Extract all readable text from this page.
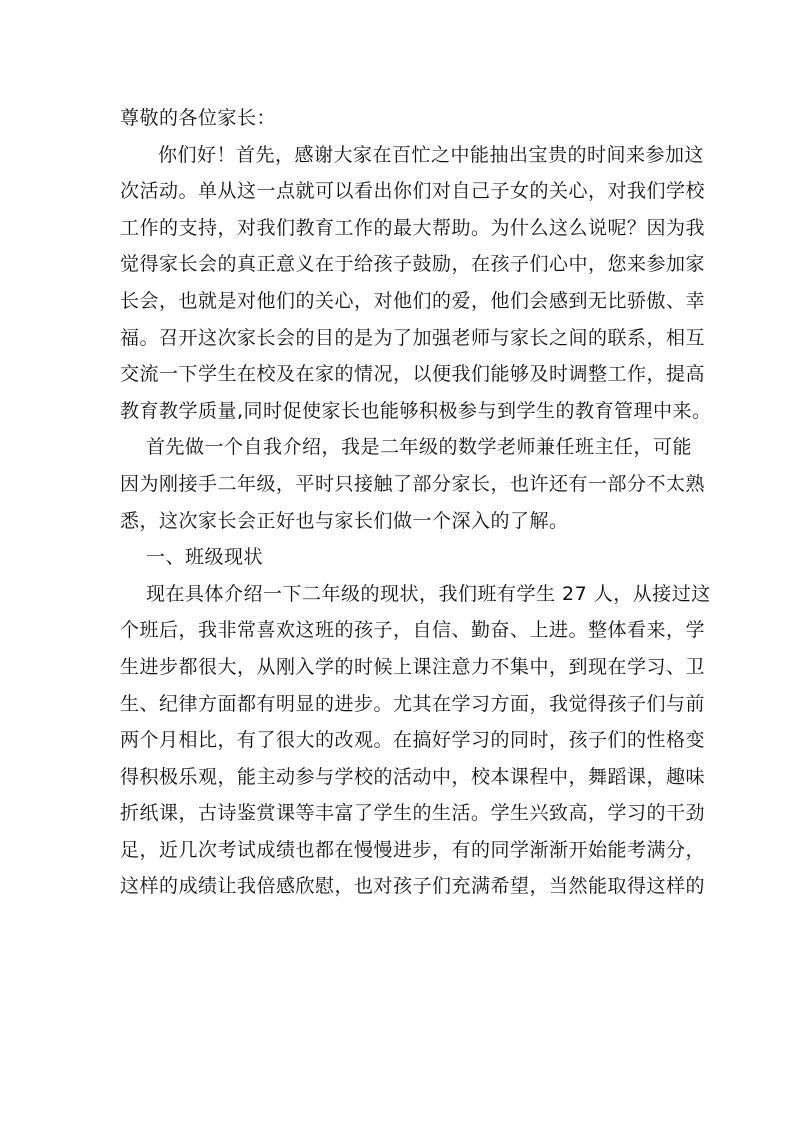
尊敬的各位家长：
你们好！首先，感谢大家在百忙之中能抽出宝贵的时间来参加这
次活动。单从这一点就可以看出你们对自己子女的关心，对我们学校
工作的支持，对我们教育工作的最大帮助。为什么这么说呢？因为我
觉得家长会的真正意义在于给孩子鼓励，在孩子们心中，您来参加家
长会，也就是对他们的关心，对他们的爱，他们会感到无比骄傲、幸
福。召开这次家长会的目的是为了加强老师与家长之间的联系，相互
交流一下学生在校及在家的情况，以便我们能够及时调整工作，提高
教育教学质量,同时促使家长也能够积极参与到学生的教育管理中来。
首先做一个自我介绍，我是二年级的数学老师兼任班主任，可能
因为刚接手二年级，平时只接触了部分家长，也许还有一部分不太熟
悉，这次家长会正好也与家长们做一个深入的了解。
一、班级现状
现在具体介绍一下二年级的现状，我们班有学生 27 人，从接过这
个班后，我非常喜欢这班的孩子，自信、勤奋、上进。整体看来，学
生进步都很大，从刚入学的时候上课注意力不集中，到现在学习、卫
生、纪律方面都有明显的进步。尤其在学习方面，我觉得孩子们与前
两个月相比，有了很大的改观。在搞好学习的同时，孩子们的性格变
得积极乐观，能主动参与学校的活动中，校本课程中，舞蹈课，趣味
折纸课，古诗鉴赏课等丰富了学生的生活。学生兴致高，学习的干劲
足，近几次考试成绩也都在慢慢进步，有的同学渐渐开始能考满分，
这样的成绩让我倍感欣慰，也对孩子们充满希望，当然能取得这样的
